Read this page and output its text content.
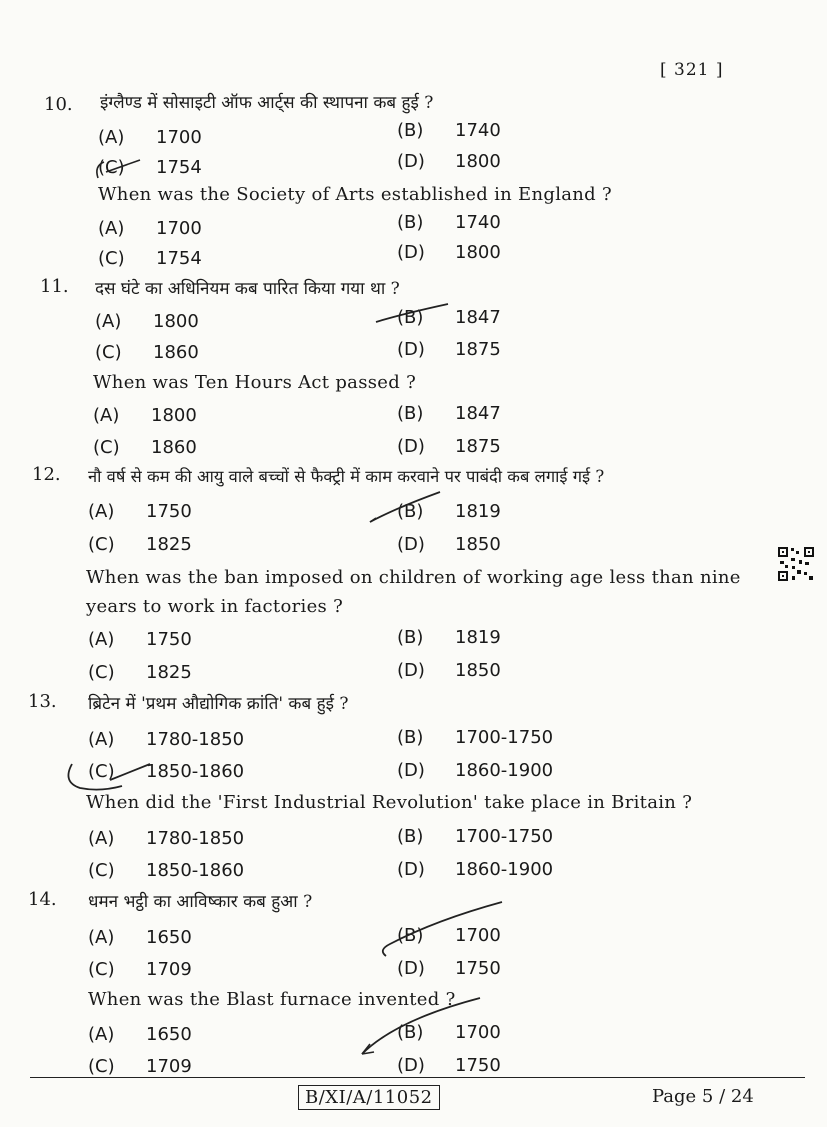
[ 321 ]
10. इंग्लैण्ड में सोसाइटी ऑफ आर्ट्स की स्थापना कब हुई ?
(A) 1700	(B) 1740
(C) 1754	(D) 1800
When was the Society of Arts established in England ?
(A) 1700	(B) 1740
(C) 1754	(D) 1800
11. दस घंटे का अधिनियम कब पारित किया गया था ?
(A) 1800	(B) 1847
(C) 1860	(D) 1875
When was Ten Hours Act passed ?
(A) 1800	(B) 1847
(C) 1860	(D) 1875
12. नौ वर्ष से कम की आयु वाले बच्चों से फैक्ट्री में काम करवाने पर पाबंदी कब लगाई गई ?
(A) 1750	(B) 1819
(C) 1825	(D) 1850
When was the ban imposed on children of working age less than nine years to work in factories ?
(A) 1750	(B) 1819
(C) 1825	(D) 1850
13. ब्रिटेन में 'प्रथम औद्योगिक क्रांति' कब हुई ?
(A) 1780-1850	(B) 1700-1750
(C) 1850-1860	(D) 1860-1900
When did the 'First Industrial Revolution' take place in Britain ?
(A) 1780-1850	(B) 1700-1750
(C) 1850-1860	(D) 1860-1900
14. धमन भट्ठी का आविष्कार कब हुआ ?
(A) 1650	(B) 1700
(C) 1709	(D) 1750
When was the Blast furnace invented ?
(A) 1650	(B) 1700
(C) 1709	(D) 1750
B/XI/A/11052	Page 5 / 24
